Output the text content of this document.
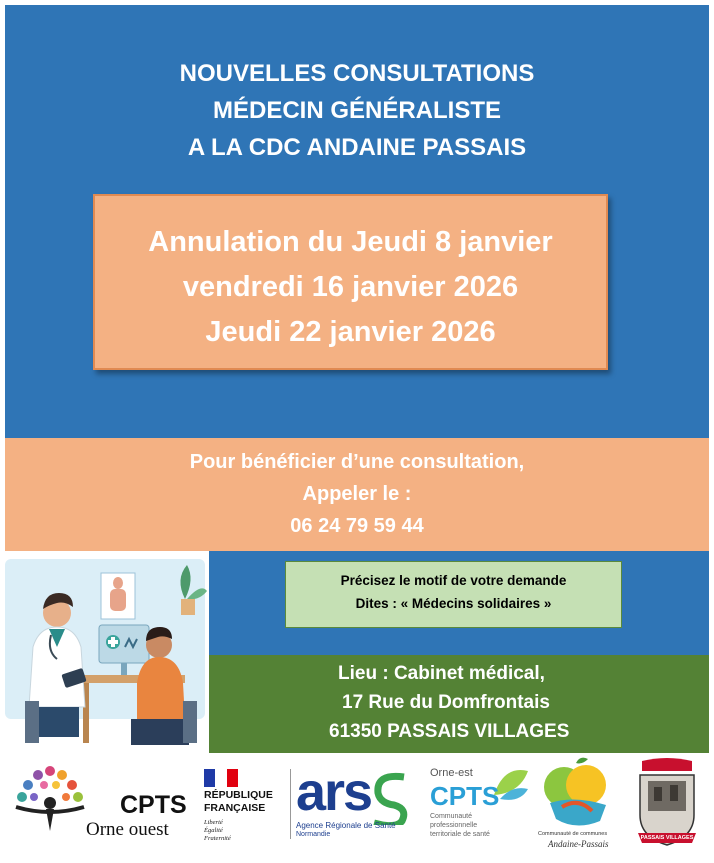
NOUVELLES CONSULTATIONS
MÉDECIN GÉNÉRALISTE
A LA CDC ANDAINE PASSAIS
Annulation du Jeudi 8 janvier
vendredi 16 janvier 2026
Jeudi 22 janvier 2026
Pour bénéficier d’une consultation,
Appeler le :
06 24 79 59 44
Précisez le motif de votre demande
Dites : « Médecins solidaires »
Lieu : Cabinet médical,
17 Rue du Domfrontais
61350 PASSAIS VILLAGES
CPTS
Orne ouest
RÉPUBLIQUE
FRANÇAISE
Liberté
Égalité
Fraternité
ars
Agence Régionale de Santé
Normandie
Orne-est
CPTS
Communauté
professionnelle
territoriale de santé	Communauté de communes
Andaine-Passais
PASSAIS VILLAGES
